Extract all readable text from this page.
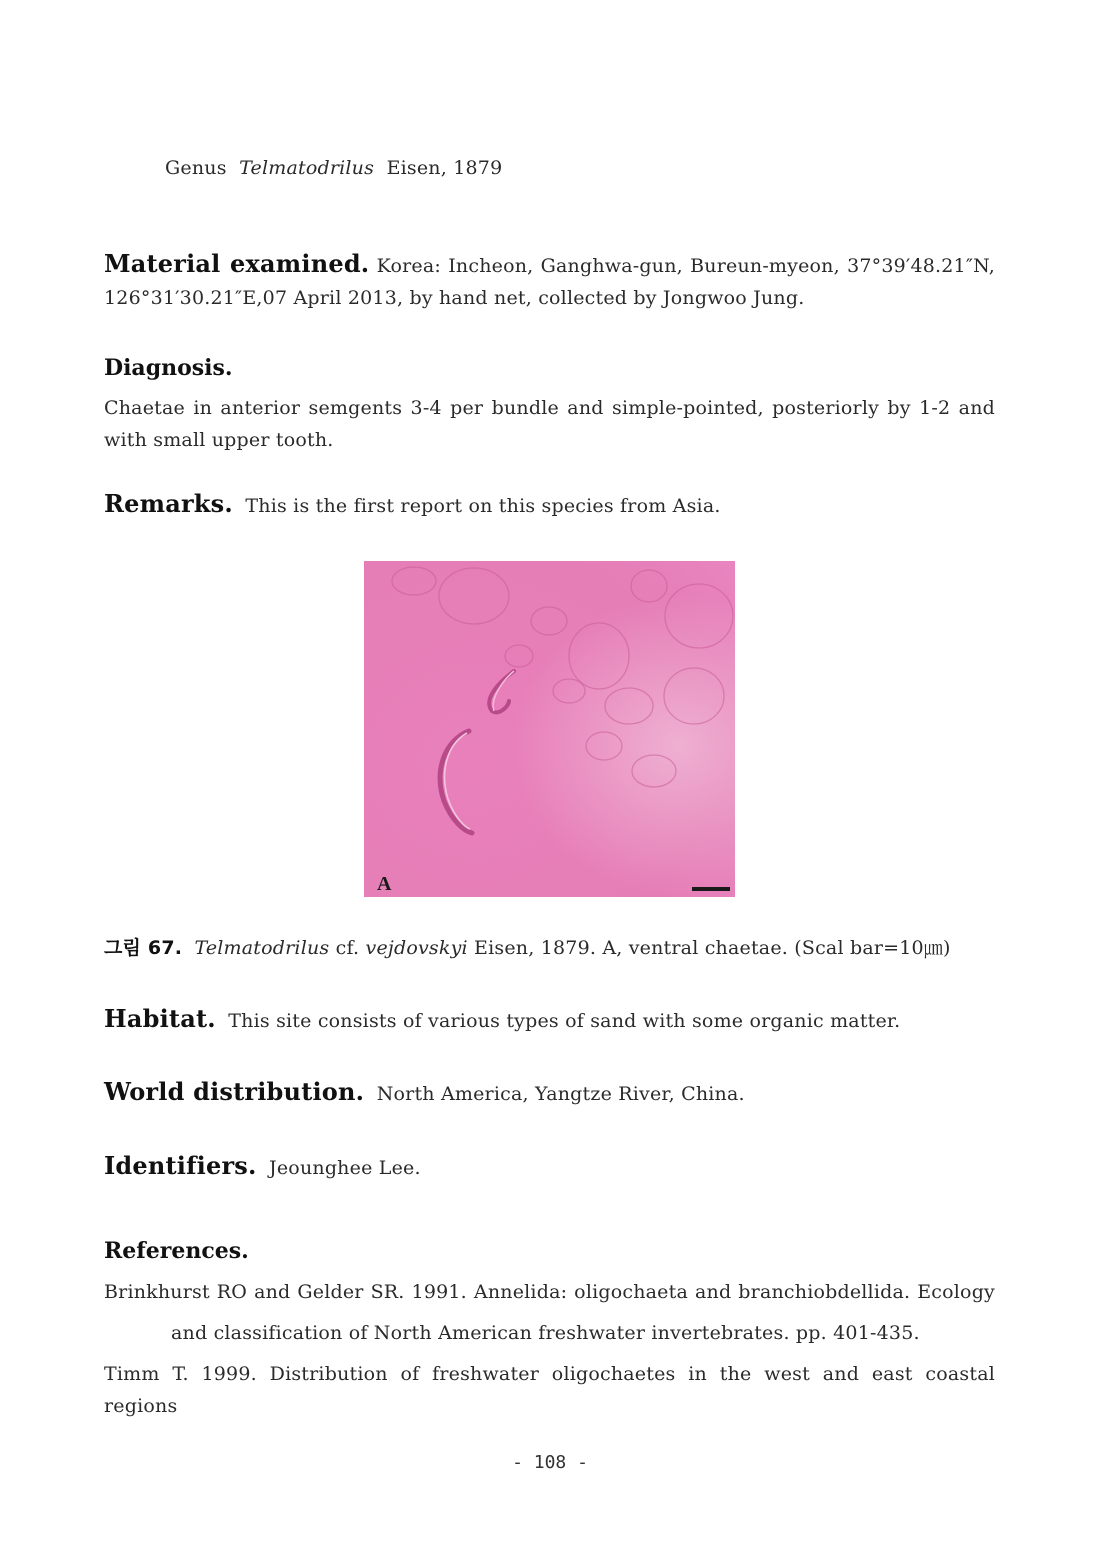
Genus Telmatodrilus Eisen, 1879
Material examined. Korea: Incheon, Ganghwa-gun, Bureun-myeon, 37°39′48.21″N,
126°31′30.21″E,07 April 2013, by hand net, collected by Jongwoo Jung.
Diagnosis.
Chaetae in anterior semgents 3-4 per bundle and simple-pointed, posteriorly by 1-2 and
with small upper tooth.
Remarks. This is the first report on this species from Asia.
A
그림 67. Telmatodrilus cf. vejdovskyi Eisen, 1879. A, ventral chaetae. (Scal bar=10㎛)
Habitat. This site consists of various types of sand with some organic matter.
World distribution. North America, Yangtze River, China.
Identifiers. Jeounghee Lee.
References.
Brinkhurst RO and Gelder SR. 1991. Annelida: oligochaeta and branchiobdellida. Ecology
and classification of North American freshwater invertebrates. pp. 401-435.
Timm T. 1999. Distribution of freshwater oligochaetes in the west and east coastal regions
- 108 -
